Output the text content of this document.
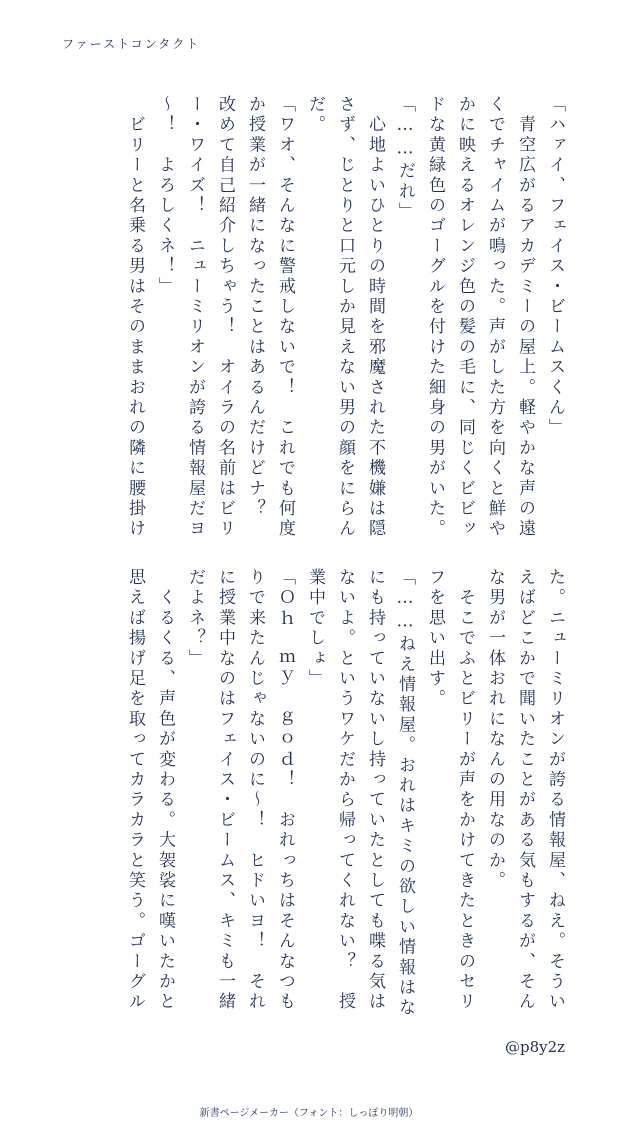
ファーストコンタクト
「ハァイ、フェイス・ビームスくん」
　青空広がるアカデミーの屋上。軽やかな声の遠
くでチャイムが鳴った。声がした方を向くと鮮や
かに映えるオレンジ色の髪の毛に、同じくビビッ
ドな黄緑色のゴーグルを付けた細身の男がいた。
「……だれ」
　心地よいひとりの時間を邪魔された不機嫌は隠
さず、じとりと口元しか見えない男の顔をにらん
だ。
「ワオ、そんなに警戒しないで！　これでも何度
か授業が一緒になったことはあるんだけどナ？
改めて自己紹介しちゃう！　オイラの名前はビリ
ー・ワイズ！　ニューミリオンが誇る情報屋だヨ
～！　よろしくネ！」
　ビリーと名乗る男はそのままおれの隣に腰掛け
た。ニューミリオンが誇る情報屋、ねえ。そうい
えばどこかで聞いたことがある気もするが、そん
な男が一体おれになんの用なのか。
　そこでふとビリーが声をかけてきたときのセリ
フを思い出す。
「……ねえ情報屋。おれはキミの欲しい情報はな
にも持っていないし持っていたとしても喋る気は
ないよ。というワケだから帰ってくれない？　授
業中でしょ」
「Ｏｈ　ｍｙ　ｇｏｄ！　おれっちはそんなつも
りで来たんじゃないのに～！　ヒドいヨ！　それ
に授業中なのはフェイス・ビームス、キミも一緒
だよネ？」
　くるくる、声色が変わる。大袈裟に嘆いたかと
思えば揚げ足を取ってカラカラと笑う。ゴーグル
@p8y2z
新書ページメーカー（フォント：しっぽり明朝）
